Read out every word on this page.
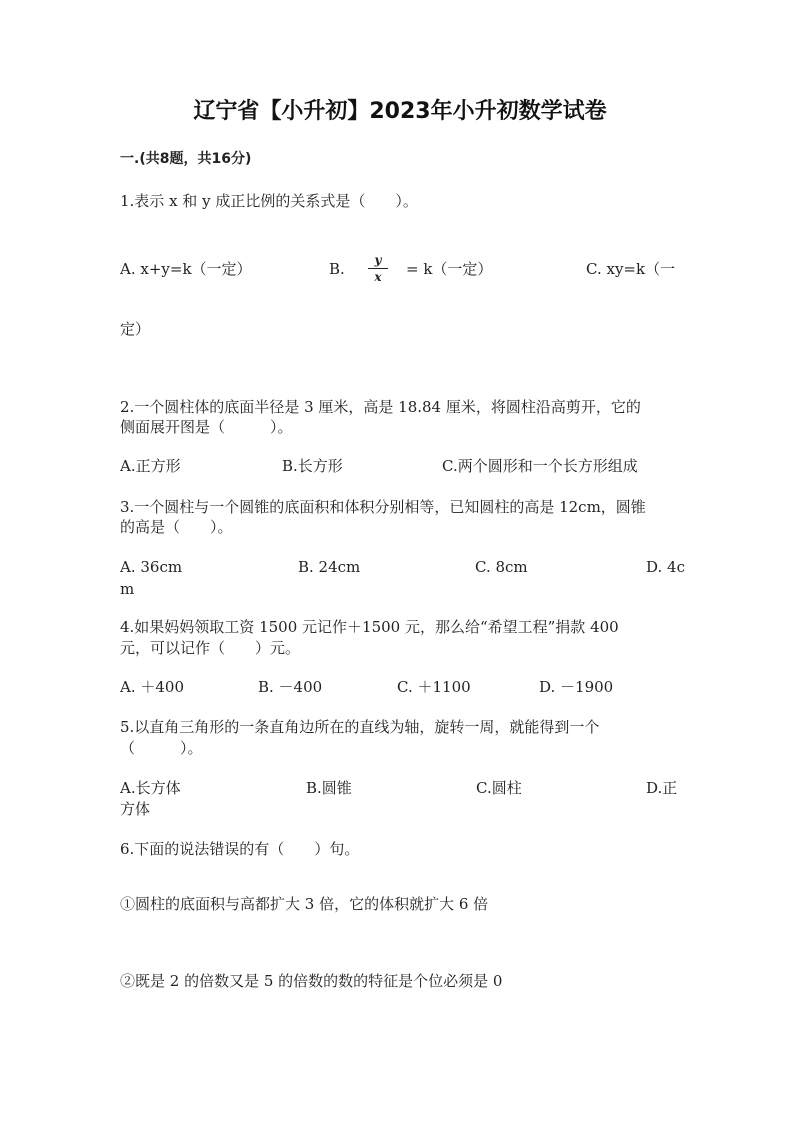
辽宁省【小升初】2023年小升初数学试卷
一.(共8题，共16分)
1.表示 x 和 y 成正比例的关系式是（　　）。
A. x+y=k（一定）	B.	y
x	= k（一定）	C. xy=k（一
定）
2.一个圆柱体的底面半径是 3 厘米，高是 18.84 厘米，将圆柱沿高剪开，它的
侧面展开图是（　　　）。
A.正方形	B.长方形	C.两个圆形和一个长方形组成
3.一个圆柱与一个圆锥的底面积和体积分别相等，已知圆柱的高是 12cm，圆锥
的高是（　　）。
A. 36cm	B. 24cm	C. 8cm	D. 4c
m
4.如果妈妈领取工资 1500 元记作＋1500 元，那么给“希望工程”捐款 400
元，可以记作（　　）元。
A. ＋400	B. －400	C. ＋1100	D. －1900
5.以直角三角形的一条直角边所在的直线为轴，旋转一周，就能得到一个
（　　　）。
A.长方体	B.圆锥	C.圆柱	D.正
方体
6.下面的说法错误的有（　　）句。
①圆柱的底面积与高都扩大 3 倍，它的体积就扩大 6 倍
②既是 2 的倍数又是 5 的倍数的数的特征是个位必须是 0
